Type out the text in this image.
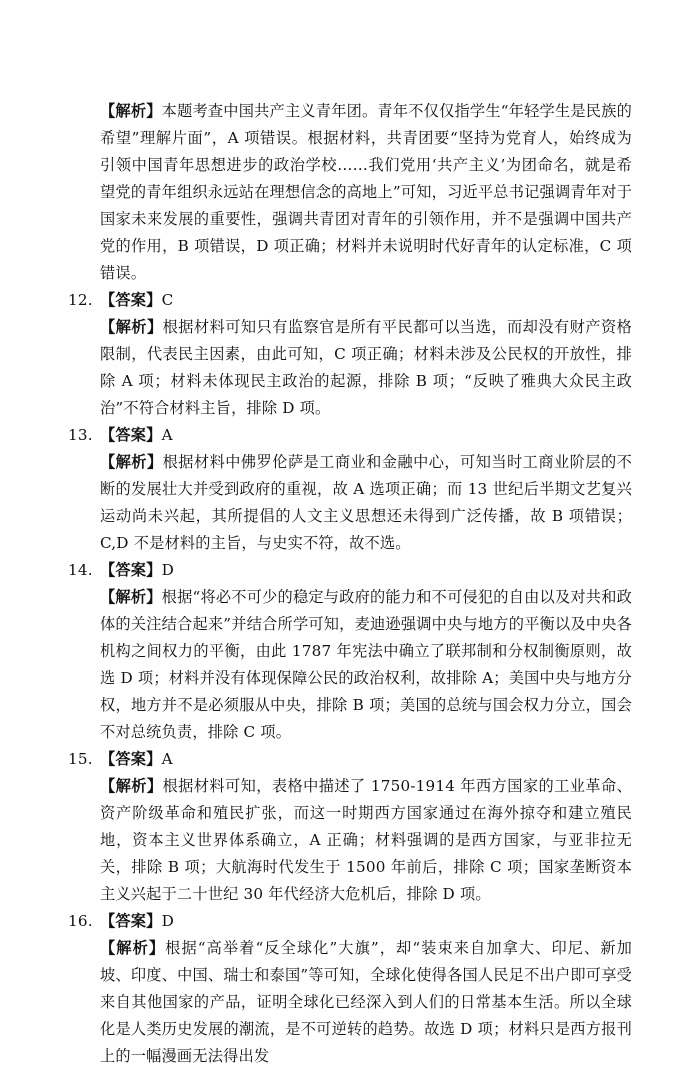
【解析】本题考查中国共产主义青年团。青年不仅仅指学生“年轻学生是民族的希望”理解片面”，A 项错误。根据材料，共青团要“坚持为党育人，始终成为引领中国青年思想进步的政治学校……我们党用‘共产主义’为团命名，就是希望党的青年组织永远站在理想信念的高地上”可知，习近平总书记强调青年对于国家未来发展的重要性，强调共青团对青年的引领作用，并不是强调中国共产党的作用，B 项错误，D 项正确；材料并未说明时代好青年的认定标准，C 项错误。

12. 【答案】C

【解析】根据材料可知只有监察官是所有平民都可以当选，而却没有财产资格限制，代表民主因素，由此可知，C 项正确；材料未涉及公民权的开放性，排除 A 项；材料未体现民主政治的起源，排除 B 项；“反映了雅典大众民主政治”不符合材料主旨，排除 D 项。

13. 【答案】A

【解析】根据材料中佛罗伦萨是工商业和金融中心，可知当时工商业阶层的不断的发展壮大并受到政府的重视，故 A 选项正确；而 13 世纪后半期文艺复兴运动尚未兴起，其所提倡的人文主义思想还未得到广泛传播，故 B 项错误；C,D 不是材料的主旨，与史实不符，故不选。

14. 【答案】D

【解析】根据“将必不可少的稳定与政府的能力和不可侵犯的自由以及对共和政体的关注结合起来”并结合所学可知，麦迪逊强调中央与地方的平衡以及中央各机构之间权力的平衡，由此 1787 年宪法中确立了联邦制和分权制衡原则，故选 D 项；材料并没有体现保障公民的政治权利，故排除 A；美国中央与地方分权，地方并不是必须服从中央，排除 B 项；美国的总统与国会权力分立，国会不对总统负责，排除 C 项。

15. 【答案】A

【解析】根据材料可知，表格中描述了 1750-1914 年西方国家的工业革命、资产阶级革命和殖民扩张，而这一时期西方国家通过在海外掠夺和建立殖民地，资本主义世界体系确立，A 正确；材料强调的是西方国家，与亚非拉无关，排除 B 项；大航海时代发生于 1500 年前后，排除 C 项；国家垄断资本主义兴起于二十世纪 30 年代经济大危机后，排除 D 项。

16. 【答案】D

【解析】根据“高举着“反全球化”大旗”，却“装束来自加拿大、印尼、新加坡、印度、中国、瑞士和泰国”等可知，全球化使得各国人民足不出户即可享受来自其他国家的产品，证明全球化已经深入到人们的日常基本生活。所以全球化是人类历史发展的潮流，是不可逆转的趋势。故选 D 项；材料只是西方报刊上的一幅漫画无法得出发
